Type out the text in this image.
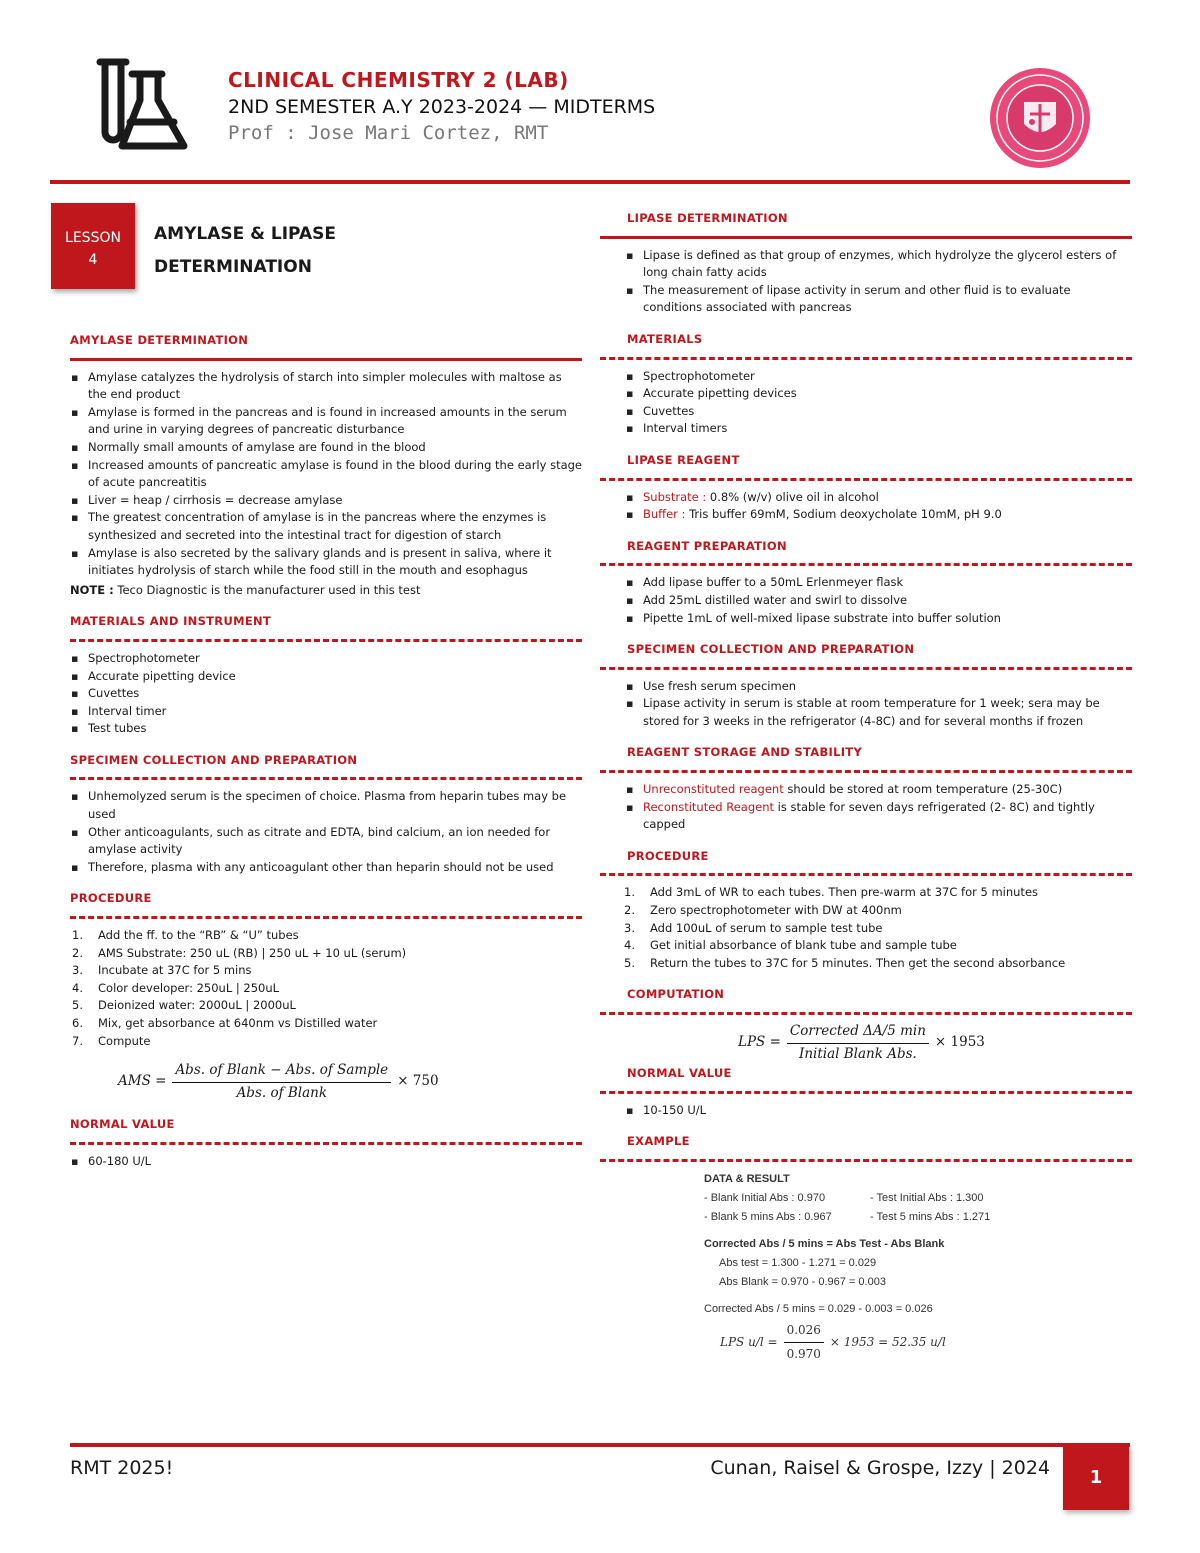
CLINICAL CHEMISTRY 2 (LAB)
2ND SEMESTER A.Y 2023-2024 — MIDTERMS
Prof : Jose Mari Cortez, RMT
LESSON
4
AMYLASE & LIPASE
DETERMINATION
AMYLASE DETERMINATION
▪ Amylase catalyzes the hydrolysis of starch into simpler molecules with maltose as the end product
▪ Amylase is formed in the pancreas and is found in increased amounts in the serum and urine in varying degrees of pancreatic disturbance
▪ Normally small amounts of amylase are found in the blood
▪ Increased amounts of pancreatic amylase is found in the blood during the early stage of acute pancreatitis
▪ Liver = heap / cirrhosis = decrease amylase
▪ The greatest concentration of amylase is in the pancreas where the enzymes is synthesized and secreted into the intestinal tract for digestion of starch
▪ Amylase is also secreted by the salivary glands and is present in saliva, where it initiates hydrolysis of starch while the food still in the mouth and esophagus
NOTE : Teco Diagnostic is the manufacturer used in this test
MATERIALS AND INSTRUMENT
▪ Spectrophotometer
▪ Accurate pipetting device
▪ Cuvettes
▪ Interval timer
▪ Test tubes
SPECIMEN COLLECTION AND PREPARATION
▪ Unhemolyzed serum is the specimen of choice. Plasma from heparin tubes may be used
▪ Other anticoagulants, such as citrate and EDTA, bind calcium, an ion needed for amylase activity
▪ Therefore, plasma with any anticoagulant other than heparin should not be used
PROCEDURE
1. Add the ff. to the “RB” & “U” tubes
2. AMS Substrate: 250 uL (RB) | 250 uL + 10 uL (serum)
3. Incubate at 37C for 5 mins
4. Color developer: 250uL | 250uL
5. Deionized water: 2000uL | 2000uL
6. Mix, get absorbance at 640nm vs Distilled water
7. Compute
AMS = $\frac{\text{Abs. of Blank − Abs. of Sample}}{\text{Abs. of Blank}} \times 750$
NORMAL VALUE
▪ 60-180 U/L
LIPASE DETERMINATION
▪ Lipase is defined as that group of enzymes, which hydrolyze the glycerol esters of long chain fatty acids
▪ The measurement of lipase activity in serum and other fluid is to evaluate conditions associated with pancreas
MATERIALS
▪ Spectrophotometer
▪ Accurate pipetting devices
▪ Cuvettes
▪ Interval timers
LIPASE REAGENT
▪ Substrate : 0.8% (w/v) olive oil in alcohol
▪ Buffer : Tris buffer 69mM, Sodium deoxycholate 10mM, pH 9.0
REAGENT PREPARATION
▪ Add lipase buffer to a 50mL Erlenmeyer flask
▪ Add 25mL distilled water and swirl to dissolve
▪ Pipette 1mL of well-mixed lipase substrate into buffer solution
SPECIMEN COLLECTION AND PREPARATION
▪ Use fresh serum specimen
▪ Lipase activity in serum is stable at room temperature for 1 week; sera may be stored for 3 weeks in the refrigerator (4-8C) and for several months if frozen
REAGENT STORAGE AND STABILITY
▪ Unreconstituted reagent should be stored at room temperature (25-30C)
▪ Reconstituted Reagent is stable for seven days refrigerated (2- 8C) and tightly capped
PROCEDURE
1. Add 3mL of WR to each tubes. Then pre-warm at 37C for 5 minutes
2. Zero spectrophotometer with DW at 400nm
3. Add 100uL of serum to sample test tube
4. Get initial absorbance of blank tube and sample tube
5. Return the tubes to 37C for 5 minutes. Then get the second absorbance
COMPUTATION
LPS = $\frac{\text{Corrected ΔA/5 min}}{\text{Initial Blank Abs.}} \times 1953$
NORMAL VALUE
▪ 10-150 U/L
EXAMPLE
DATA & RESULT
- Blank Initial Abs : 0.970	- Test Initial Abs : 1.300
- Blank 5 mins Abs : 0.967	- Test 5 mins Abs : 1.271
Corrected Abs / 5 mins = Abs Test - Abs Blank
Abs test = 1.300 - 1.271 = 0.029
Abs Blank = 0.970 - 0.967 = 0.003
Corrected Abs / 5 mins = 0.029 - 0.003 = 0.026
LPS $u/l = \frac{0.026}{0.970} \times 1953 = 52.35$ u/l
RMT 2025!	Cunan, Raisel & Grospe, Izzy | 2024	1
